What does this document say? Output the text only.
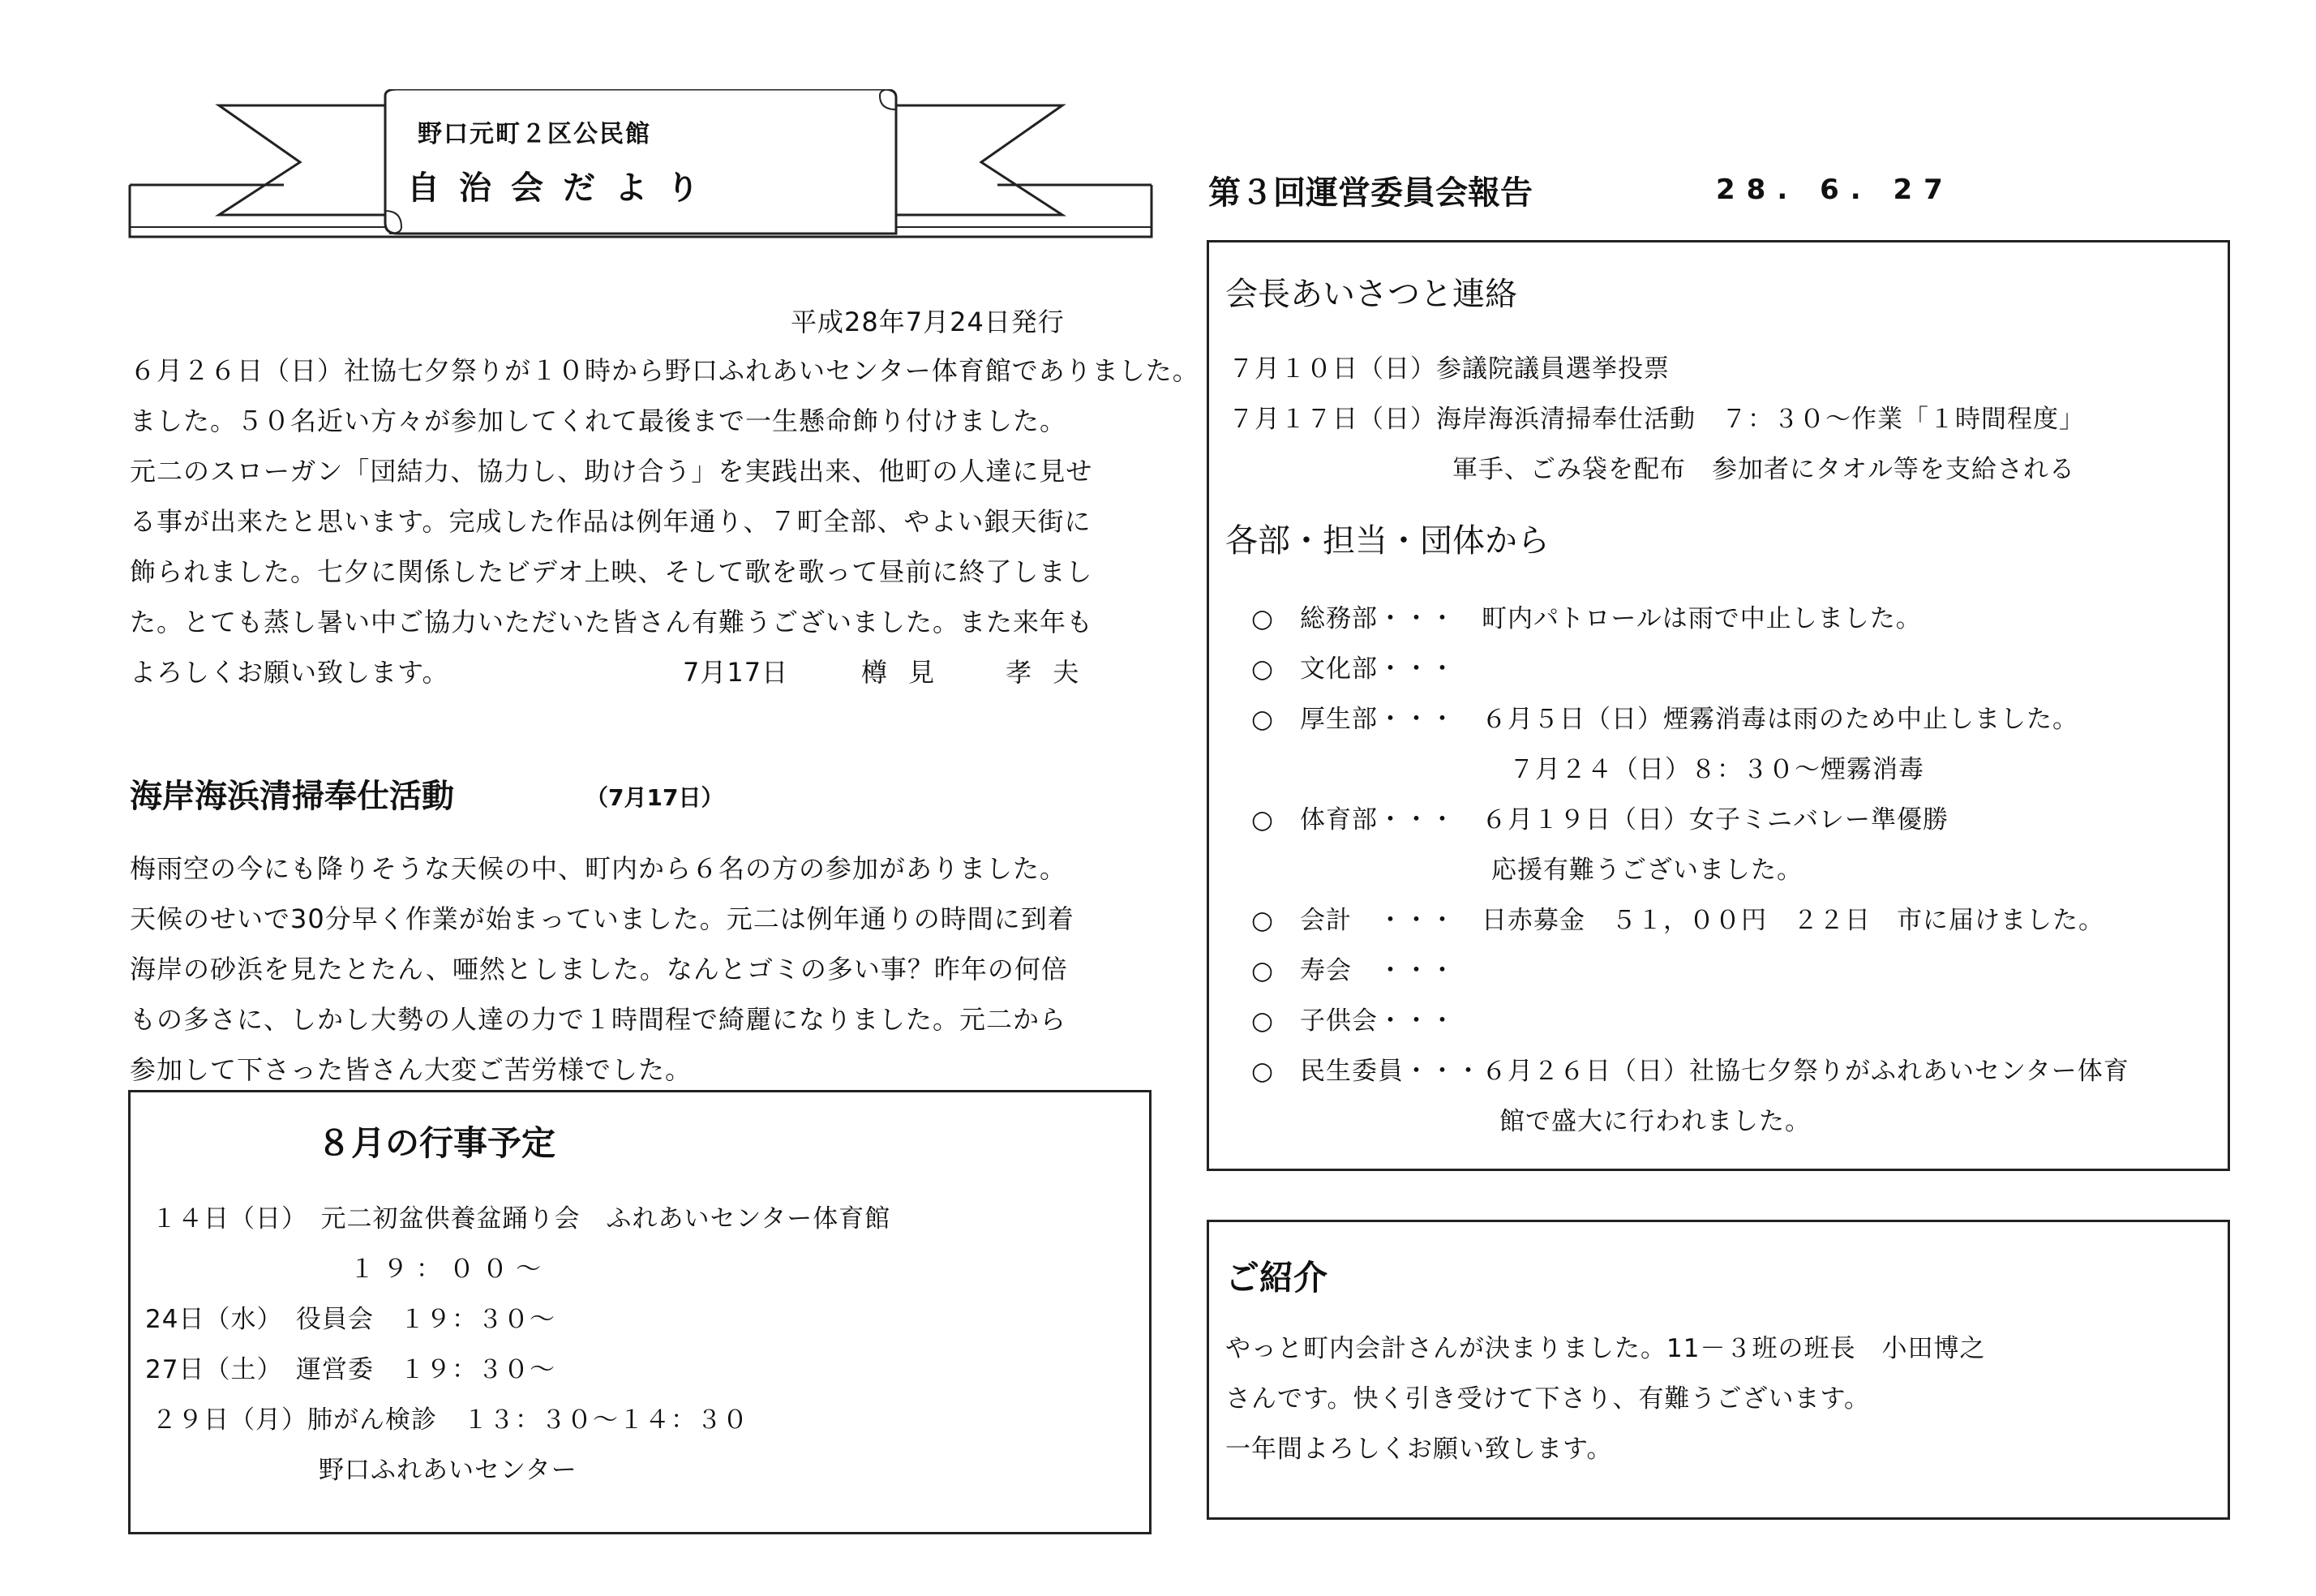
野口元町２区公民館
自治会だより
平成28年7月24日発行
６月２６日（日）社協七夕祭りが１０時から野口ふれあいセンター体育館でありました。
ました。５０名近い方々が参加してくれて最後まで一生懸命飾り付けました。
元二のスローガン「団結力、協力し、助け合う」を実践出来、他町の人達に見せ
る事が出来たと思います。完成した作品は例年通り、７町全部、やよい銀天街に
飾られました。七夕に関係したビデオ上映、そして歌を歌って昼前に終了しまし
た。とても蒸し暑い中ご協力いただいた皆さん有難うございました。また来年も
よろしくお願い致します。	7月17日	樽 見　　孝 夫
海岸海浜清掃奉仕活動	（7月17日）
梅雨空の今にも降りそうな天候の中、町内から６名の方の参加がありました。
天候のせいで30分早く作業が始まっていました。元二は例年通りの時間に到着
海岸の砂浜を見たとたん、唖然としました。なんとゴミの多い事？昨年の何倍
もの多さに、しかし大勢の人達の力で１時間程で綺麗になりました。元二から
参加して下さった皆さん大変ご苦労様でした。
８月の行事予定
１４日（日）　元二初盆供養盆踊り会　ふれあいセンター体育館
１９：００～
24日（水）　役員会　１９：３０～
27日（土）　運営委　１９：３０～
２９日（月）肺がん検診　１３：３０～１４：３０
野口ふれあいセンター
第３回運営委員会報告	28. 6. 27
会長あいさつと連絡
７月１０日（日）参議院議員選挙投票
７月１７日（日）海岸海浜清掃奉仕活動　７：３０～作業「１時間程度」
軍手、ごみ袋を配布　参加者にタオル等を支給される
各部・担当・団体から
○　総務部・・・　町内パトロールは雨で中止しました。
○　文化部・・・
○　厚生部・・・　６月５日（日）煙霧消毒は雨のため中止しました。
７月２４（日）８：３０～煙霧消毒
○　体育部・・・　６月１９日（日）女子ミニバレー準優勝
応援有難うございました。
○　会計　・・・　日赤募金　５１，００円　２２日　市に届けました。
○　寿会　・・・
○　子供会・・・
○　民生委員・・・６月２６日（日）社協七夕祭りがふれあいセンター体育
館で盛大に行われました。
ご紹介
やっと町内会計さんが決まりました。11－３班の班長　小田博之
さんです。快く引き受けて下さり、有難うございます。
一年間よろしくお願い致します。
